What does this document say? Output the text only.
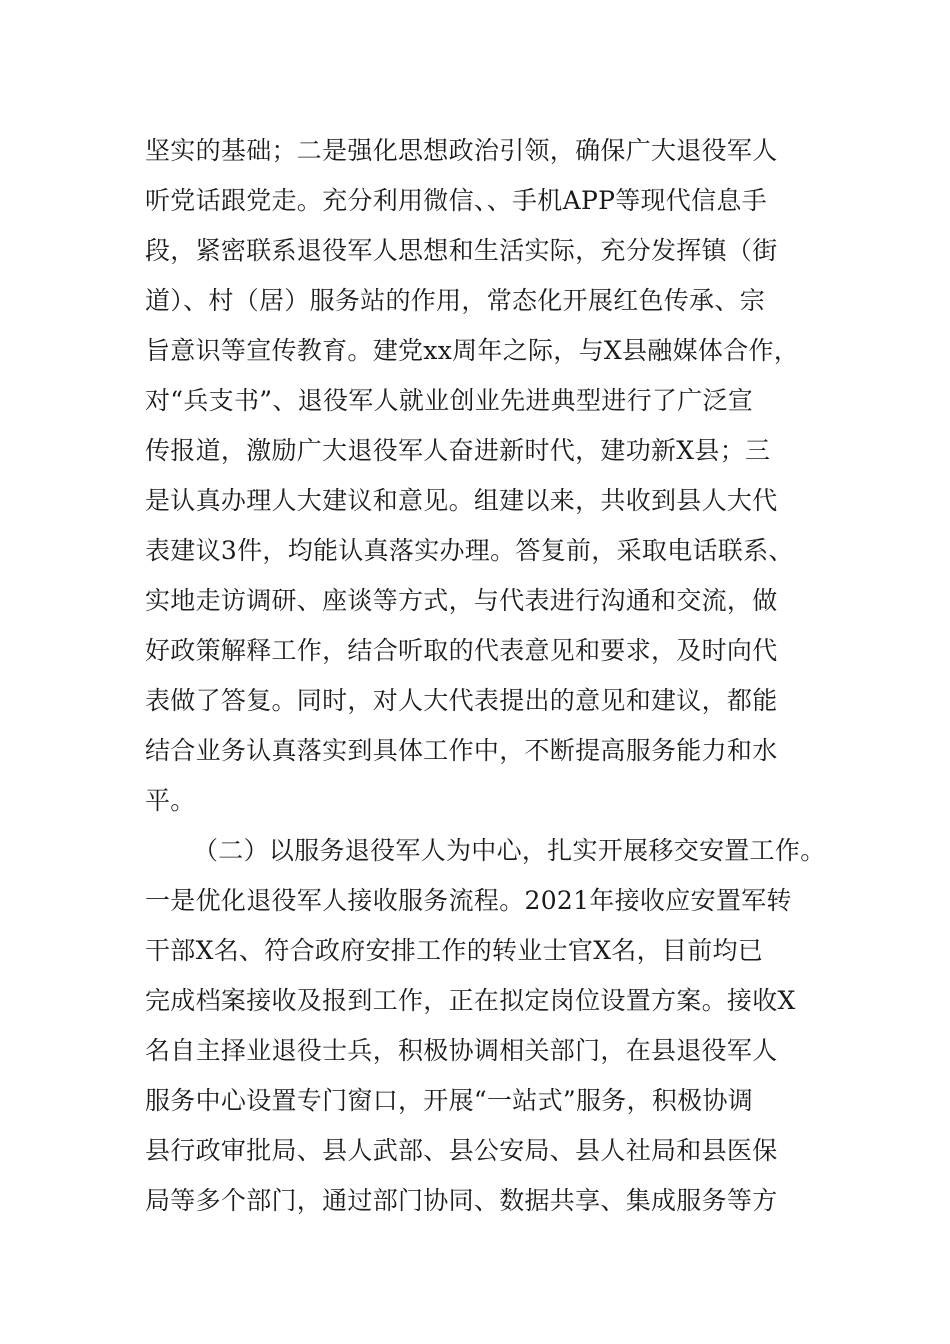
坚实的基础；二是强化思想政治引领，确保广大退役军人
听党话跟党走。充分利用微信、、手机APP等现代信息手
段，紧密联系退役军人思想和生活实际，充分发挥镇（街
道）、村（居）服务站的作用，常态化开展红色传承、宗
旨意识等宣传教育。建党xx周年之际，与X县融媒体合作，
对“兵支书”、退役军人就业创业先进典型进行了广泛宣
传报道，激励广大退役军人奋进新时代，建功新X县；三
是认真办理人大建议和意见。组建以来，共收到县人大代
表建议3件，均能认真落实办理。答复前，采取电话联系、
实地走访调研、座谈等方式，与代表进行沟通和交流，做
好政策解释工作，结合听取的代表意见和要求，及时向代
表做了答复。同时，对人大代表提出的意见和建议，都能
结合业务认真落实到具体工作中，不断提高服务能力和水
平。
（二）以服务退役军人为中心，扎实开展移交安置工作。
一是优化退役军人接收服务流程。2021年接收应安置军转
干部X名、符合政府安排工作的转业士官X名，目前均已
完成档案接收及报到工作，正在拟定岗位设置方案。接收X
名自主择业退役士兵，积极协调相关部门，在县退役军人
服务中心设置专门窗口，开展“一站式”服务，积极协调
县行政审批局、县人武部、县公安局、县人社局和县医保
局等多个部门，通过部门协同、数据共享、集成服务等方
